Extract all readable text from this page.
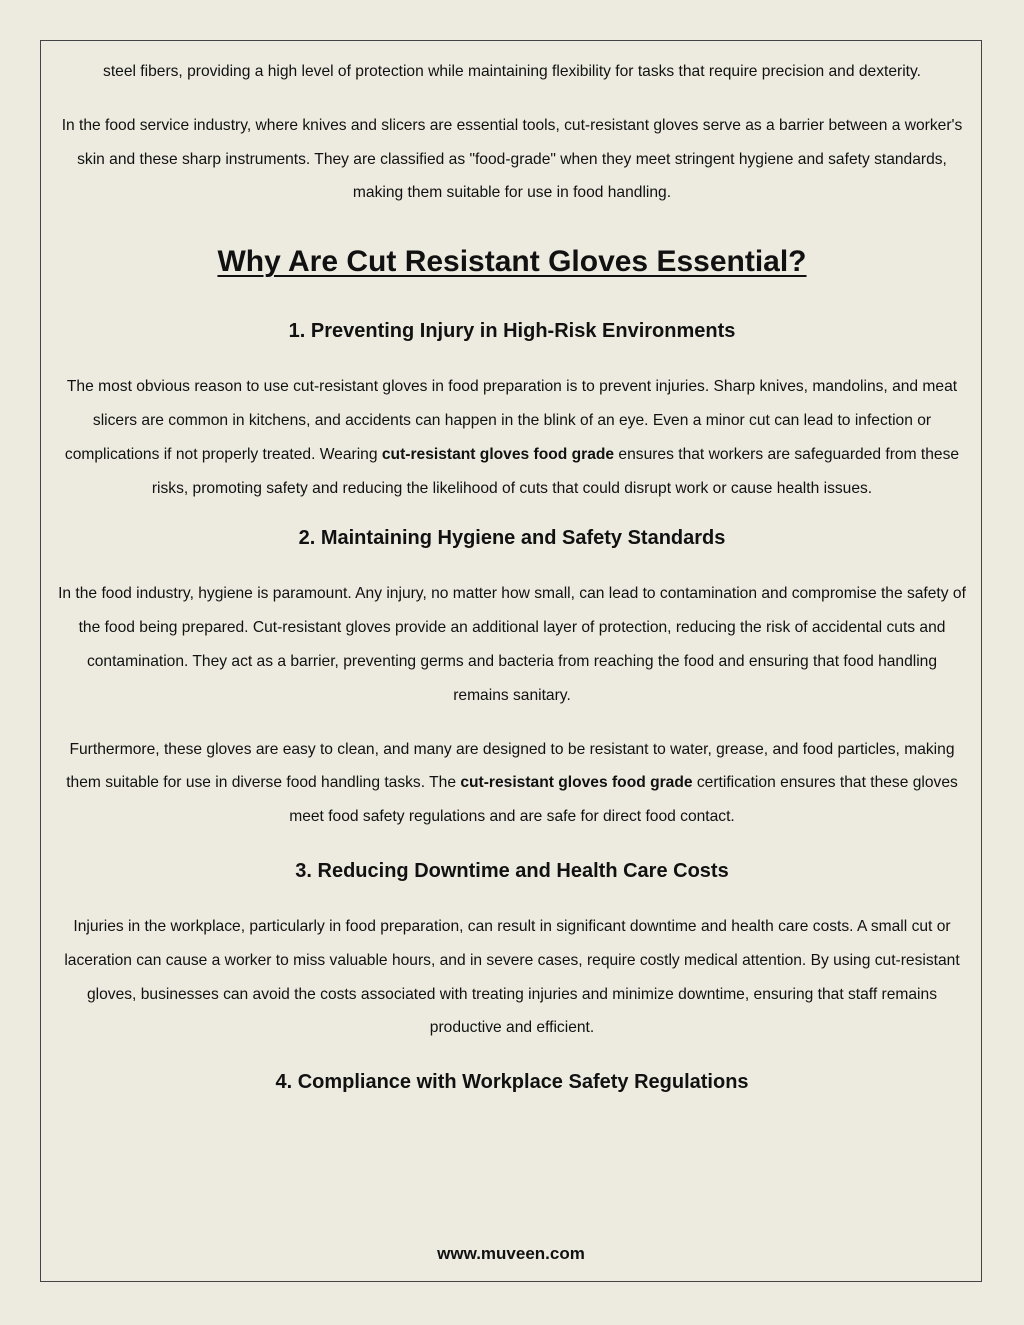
steel fibers, providing a high level of protection while maintaining flexibility for tasks that require precision and dexterity.

In the food service industry, where knives and slicers are essential tools, cut-resistant gloves serve as a barrier between a worker's skin and these sharp instruments. They are classified as "food-grade" when they meet stringent hygiene and safety standards, making them suitable for use in food handling.

Why Are Cut Resistant Gloves Essential?
1. Preventing Injury in High-Risk Environments

The most obvious reason to use cut-resistant gloves in food preparation is to prevent injuries. Sharp knives, mandolins, and meat slicers are common in kitchens, and accidents can happen in the blink of an eye. Even a minor cut can lead to infection or complications if not properly treated. Wearing cut-resistant gloves food grade ensures that workers are safeguarded from these risks, promoting safety and reducing the likelihood of cuts that could disrupt work or cause health issues.

2. Maintaining Hygiene and Safety Standards

In the food industry, hygiene is paramount. Any injury, no matter how small, can lead to contamination and compromise the safety of the food being prepared. Cut-resistant gloves provide an additional layer of protection, reducing the risk of accidental cuts and contamination. They act as a barrier, preventing germs and bacteria from reaching the food and ensuring that food handling remains sanitary.

Furthermore, these gloves are easy to clean, and many are designed to be resistant to water, grease, and food particles, making them suitable for use in diverse food handling tasks. The cut-resistant gloves food grade certification ensures that these gloves meet food safety regulations and are safe for direct food contact.

3. Reducing Downtime and Health Care Costs

Injuries in the workplace, particularly in food preparation, can result in significant downtime and health care costs. A small cut or laceration can cause a worker to miss valuable hours, and in severe cases, require costly medical attention. By using cut-resistant gloves, businesses can avoid the costs associated with treating injuries and minimize downtime, ensuring that staff remains productive and efficient.

4. Compliance with Workplace Safety Regulations
www.muveen.com
